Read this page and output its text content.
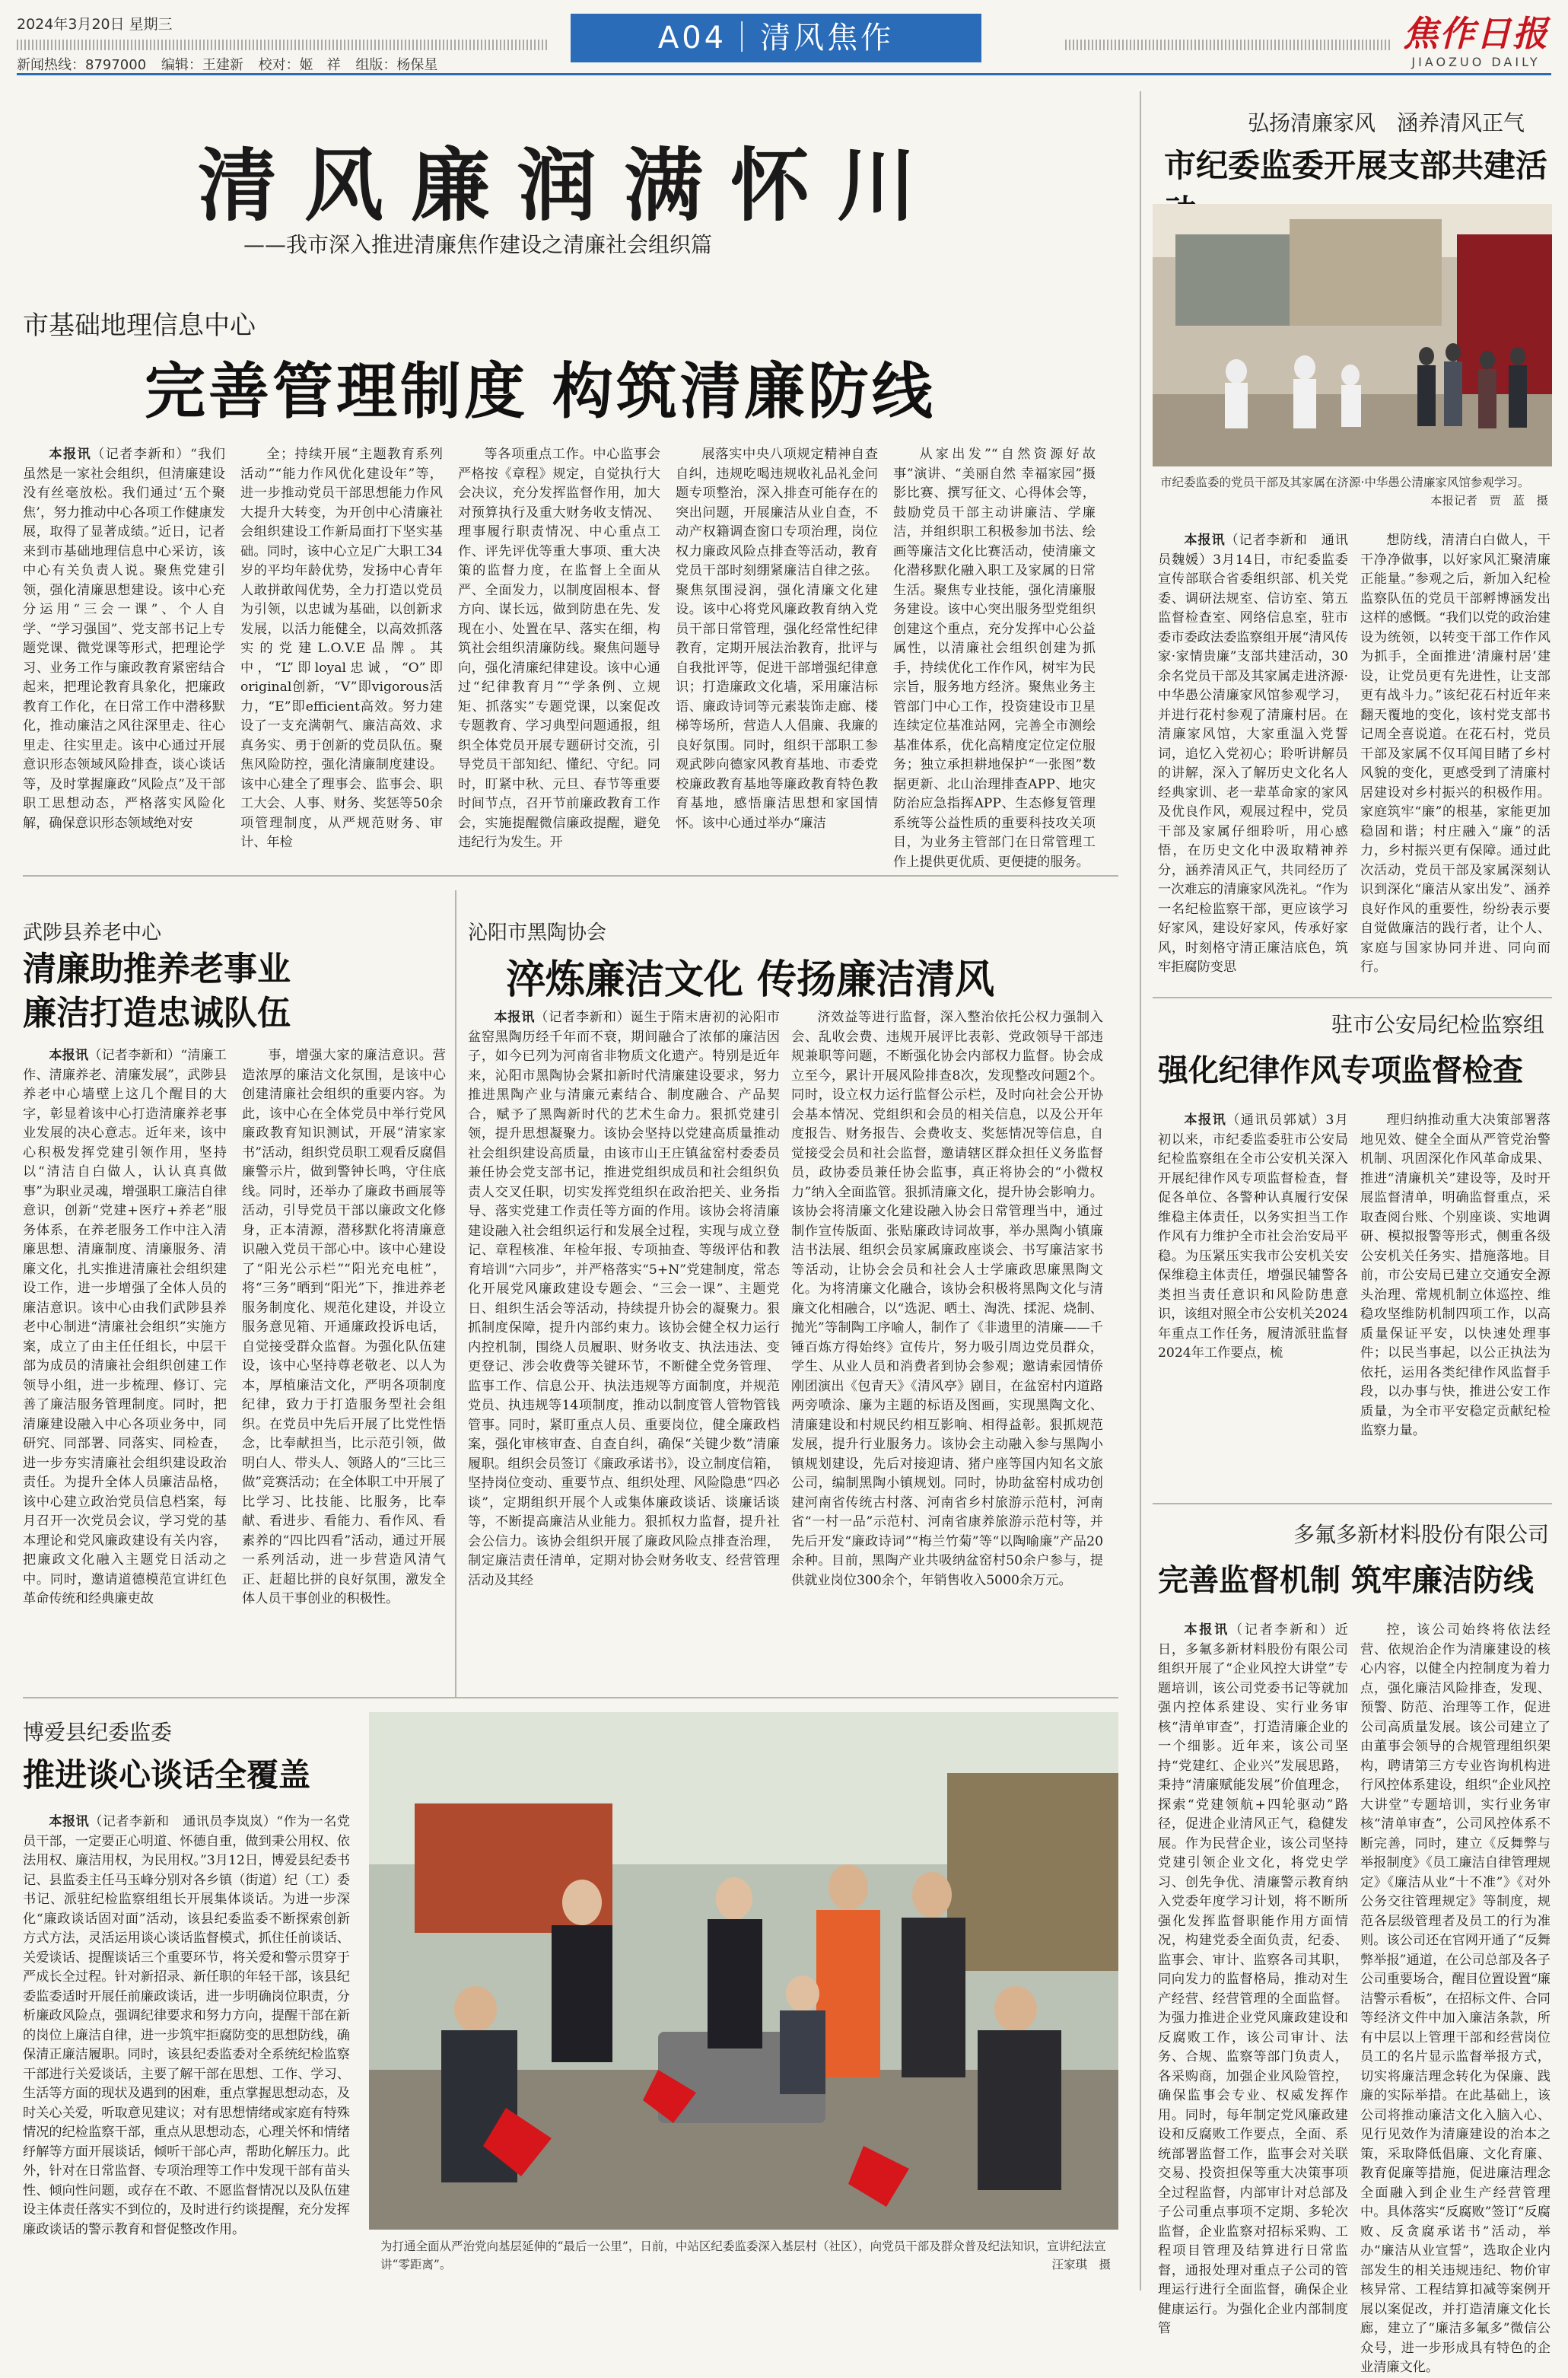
2024年3月20日 星期三
新闻热线：8797000 编辑：王建新 校对：姬　祥 组版：杨保星
A04｜清风焦作	焦作日报
JIAOZUO DAILY
清风廉润满怀川
——我市深入推进清廉焦作建设之清廉社会组织篇
市基础地理信息中心
完善管理制度 构筑清廉防线

本报讯（记者李新和）“我们虽然是一家社会组织，但清廉建设没有丝毫放松。我们通过‘五个聚焦’，努力推动中心各项工作健康发展，取得了显著成绩。”近日，记者来到市基础地理信息中心采访，该中心有关负责人说。聚焦党建引领，强化清廉思想建设。该中心充分运用“三会一课”、个人自学、“学习强国”、党支部书记上专题党课、微党课等形式，把理论学习、业务工作与廉政教育紧密结合起来，把理论教育具象化，把廉政教育工作化，在日常工作中潜移默化，推动廉洁之风往深里走、往心里走、往实里走。该中心通过开展意识形态领域风险排查，谈心谈话等，及时掌握廉政“风险点”及干部职工思想动态，严格落实风险化解，确保意识形态领域绝对安

全；持续开展“主题教育系列活动”“能力作风优化建设年”等，进一步推动党员干部思想能力作风大提升大转变，为开创中心清廉社会组织建设工作新局面打下坚实基础。同时，该中心立足广大职工34岁的平均年龄优势，发扬中心青年人敢拼敢闯优势，全力打造以党员为引领，以忠诚为基础，以创新求发展，以活力能健全，以高效抓落实的党建L.O.V.E品牌。其中，“L”即loyal忠诚，“O”即original创新，“V”即vigorous活力，“E”即efficient高效。努力建设了一支充满朝气、廉洁高效、求真务实、勇于创新的党员队伍。聚焦风险防控，强化清廉制度建设。该中心建全了理事会、监事会、职工大会、人事、财务、奖惩等50余项管理制度，从严规范财务、审计、年检

等各项重点工作。中心监事会严格按《章程》规定，自觉执行大会决议，充分发挥监督作用，加大对预算执行及重大财务收支情况、理事履行职责情况、中心重点工作、评先评优等重大事项、重大决策的监督力度，在监督上全面从严、全面发力，以制度固根本、督方向、谋长远，做到防患在先、发现在小、处置在早、落实在细，构筑社会组织清廉防线。聚焦问题导向，强化清廉纪律建设。该中心通过“纪律教育月”“学条例、立规矩、抓落实”专题党课，以案促改专题教育、学习典型问题通报，组织全体党员开展专题研讨交流，引导党员干部知纪、懂纪、守纪。同时，盯紧中秋、元旦、春节等重要时间节点，召开节前廉政教育工作会，实施提醒微信廉政提醒，避免违纪行为发生。开

展落实中央八项规定精神自查自纠，违规吃喝违规收礼品礼金问题专项整治，深入排查可能存在的突出问题，开展廉洁从业自查，不动产权籍调查窗口专项治理，岗位权力廉政风险点排查等活动，教育党员干部时刻绷紧廉洁自律之弦。聚焦氛围浸润，强化清廉文化建设。该中心将党风廉政教育纳入党员干部日常管理，强化经常性纪律教育，定期开展法治教育，批评与自我批评等，促进干部增强纪律意识；打造廉政文化墙，采用廉洁标语、廉政诗词等元素装饰走廊、楼梯等场所，营造人人倡廉、我廉的良好氛围。同时，组织干部职工参观武陟向德家风教育基地、市委党校廉政教育基地等廉政教育特色教育基地，感悟廉洁思想和家国情怀。该中心通过举办“廉洁

从家出发”“自然资源好故事”演讲、“美丽自然 幸福家园”摄影比赛、撰写征文、心得体会等，鼓励党员干部主动讲廉洁、学廉洁，并组织职工积极参加书法、绘画等廉洁文化比赛活动，使清廉文化潜移默化融入职工及家属的日常生活。聚焦专业技能，强化清廉服务建设。该中心突出服务型党组织创建这个重点，充分发挥中心公益属性，以清廉社会组织创建为抓手，持续优化工作作风，树牢为民宗旨，服务地方经济。聚焦业务主管部门中心工作，投资建设市卫星连续定位基准站网，完善全市测绘基准体系，优化高精度定位定位服务；独立承担耕地保护“一张图”数据更新、北山治理排查APP、地灾防治应急指挥APP、生态修复管理系统等公益性质的重要科技攻关项目，为业务主管部门在日常管理工作上提供更优质、更便捷的服务。

弘扬清廉家风　涵养清风正气
市纪委监委开展支部共建活
市纪委监委的党员干部及其家属在济源·中华愚公清廉家风馆参观学习。
本报记者　贾　蓝　摄

本报讯（记者李新和　通讯员魏媛）3月14日，市纪委监委宣传部联合省委组织部、机关党委、调研法规室、信访室、第五监督检查室、网络信息室，驻市委市委政法委监察组开展“清风传家·家情贵廉”支部共建活动，30余名党员干部及其家属走进济源·中华愚公清廉家风馆参观学习，并进行花村参观了清廉村居。在清廉家风馆，大家重温入党誓词，追忆入党初心；聆听讲解员的讲解，深入了解历史文化名人经典家训、老一辈革命家的家风及优良作风，观展过程中，党员干部及家属仔细聆听，用心感悟，在历史文化中汲取精神养分，涵养清风正气，共同经历了一次难忘的清廉家风洗礼。“作为一名纪检监察干部，更应该学习好家风，建设好家风，传承好家风，时刻格守清正廉洁底色，筑牢拒腐防变思

想防线，清清白白做人，干干净净做事，以好家风汇聚清廉正能量。”参观之后，新加入纪检监察队伍的党员干部孵博涵发出这样的感慨。“我们以党的政治建设为统领，以转变干部工作作风为抓手，全面推进‘清廉村居’建设，让党员更有先进性，让支部更有战斗力。”该纪花石村近年来翻天覆地的变化，该村党支部书记周全喜说道。在花石村，党员干部及家属不仅耳闻目睹了乡村风貌的变化，更感受到了清廉村居建设对乡村振兴的积极作用。家庭筑牢“廉”的根基，家能更加稳固和谐；村庄融入“廉”的活力，乡村振兴更有保障。通过此次活动，党员干部及家属深刻认识到深化“廉洁从家出发”、涵养良好作风的重要性，纷纷表示要自觉做廉洁的践行者，让个人、家庭与国家协同并进、同向而行。

武陟县养老中心
清廉助推养老事业
廉洁打造忠诚队伍

本报讯（记者李新和）“清廉工作、清廉养老、清廉发展”，武陟县养老中心墙壁上这几个醒目的大字，彰显着该中心打造清廉养老事业发展的决心意志。近年来，该中心积极发挥党建引领作用，坚持以“清洁自白做人，认认真真做事”为职业灵魂，增强职工廉洁自律意识，创新“党建+医疗+养老”服务体系，在养老服务工作中注入清廉思想、清廉制度、清廉服务、清廉文化，扎实推进清廉社会组织建设工作，进一步增强了全体人员的廉洁意识。该中心由我们武陟县养老中心制进“清廉社会组织”实施方案，成立了由主任任组长，中层干部为成员的清廉社会组织创建工作领导小组，进一步梳理、修订、完善了廉洁服务管理制度。同时，把清廉建设融入中心各项业务中，同研究、同部署、同落实、同检查，进一步夯实清廉社会组织建设政治责任。为提升全体人员廉洁品格，该中心建立政治党员信息档案，每月召开一次党员会议，学习党的基本理论和党风廉政建设有关内容，把廉政文化融入主题党日活动之中。同时，邀请道德模范宣讲红色革命传统和经典廉吏故

事，增强大家的廉洁意识。营造浓厚的廉洁文化氛围，是该中心创建清廉社会组织的重要内容。为此，该中心在全体党员中举行党风廉政教育知识测试，开展“清家家书”活动，组织党员职工观看反腐倡廉警示片，做到警钟长鸣，守住底线。同时，还举办了廉政书画展等活动，引导党员干部以廉政文化修身，正本清源，潜移默化将清廉意识融入党员干部心中。该中心建设了“阳光公示栏”“阳光充电桩”，将“三务”晒到“阳光”下，推进养老服务制度化、规范化建设，并设立服务意见箱、开通廉政投诉电话，自觉接受群众监督。为强化队伍建设，该中心坚持尊老敬老、以人为本，厚植廉洁文化，严明各项制度纪律，致力于打造服务型社会组织。在党员中先后开展了比党性悟念，比奉献担当，比示范引领，做明白人、带头人、领路人的“三比三做”竞赛活动；在全体职工中开展了比学习、比技能、比服务，比奉献、看进步、看能力、看作风、看素养的“四比四看”活动，通过开展一系列活动，进一步营造风清气正、赶超比拼的良好氛围，激发全体人员干事创业的积极性。

沁阳市黑陶协会
淬炼廉洁文化 传扬廉洁清风

本报讯（记者李新和）诞生于隋末唐初的沁阳市盆窑黑陶历经千年而不衰，期间融合了浓郁的廉洁因子，如今已列为河南省非物质文化遗产。特别是近年来，沁阳市黑陶协会紧扣新时代清廉建设要求，努力推进黑陶产业与清廉元素结合、制度融合、产品契合，赋予了黑陶新时代的艺术生命力。狠抓党建引领，提升思想凝聚力。该协会坚持以党建高质量推动社会组织建设高质量，由该市山王庄镇盆窑村委委员兼任协会党支部书记，推进党组织成员和社会组织负责人交叉任职，切实发挥党组织在政治把关、业务指导、落实党建工作责任等方面的作用。该协会将清廉建设融入社会组织运行和发展全过程，实现与成立登记、章程核准、年检年报、专项抽查、等级评估和教育培训“六同步”，并严格落实“5+N”党建制度，常态化开展党风廉政建设专题会、“三会一课”、主题党日、组织生活会等活动，持续提升协会的凝聚力。狠抓制度保障，提升内部约束力。该协会健全权力运行内控机制，围绕人员履职、财务收支、执法违法、变更登记、涉会收费等关键环节，不断健全党务管理、监事工作、信息公开、执法违规等方面制度，并规范党员、执违规等14项制度，推动以制度管人管物管钱管事。同时，紧盯重点人员、重要岗位，健全廉政档案，强化审核审查、自查自纠，确保“关键少数”清廉履职。组织会员签订《廉政承诺书》，设立制度信箱，坚持岗位变动、重要节点、组织处理、风险隐患“四必谈”，定期组织开展个人或集体廉政谈话、谈廉话谈等，不断提高廉洁从业能力。狠抓权力监督，提升社会公信力。该协会组织开展了廉政风险点排查治理，制定廉洁责任清单，定期对协会财务收支、经营管理活动及其经

济效益等进行监督，深入整治依托公权力强制入会、乱收会费、违规开展评比表彰、党政领导干部违规兼职等问题，不断强化协会内部权力监督。协会成立至今，累计开展风险排查8次，发现整改问题2个。同时，设立权力运行监督公示栏，及时向社会公开协会基本情况、党组织和会员的相关信息，以及公开年度报告、财务报告、会费收支、奖惩情况等信息，自觉接受会员和社会监督，邀请辖区群众担任义务监督员，政协委员兼任协会监事，真正将协会的“小微权力”纳入全面监管。狠抓清廉文化，提升协会影响力。该协会将清廉文化建设融入协会日常管理当中，通过制作宣传版面、张贴廉政诗词故事，举办黑陶小镇廉洁书法展、组织会员家属廉政座谈会、书写廉洁家书等活动，让协会会员和社会人士学廉政思廉黑陶文化。为将清廉文化融合，该协会积极将黑陶文化与清廉文化相融合，以“选泥、晒土、淘洗、揉泥、烧制、抛光”等制陶工序喻人，制作了《非遗里的清廉——千锤百炼方得始终》宣传片，努力吸引周边党员群众，学生、从业人员和消费者到协会参观；邀请索园情侨刚团演出《包青天》《清风亭》剧目，在盆窑村内道路两旁喷涂、廉为主题的标语及图画，实现黑陶文化、清廉建设和村规民约相互影响、相得益彰。狠抓规范发展，提升行业服务力。该协会主动融入参与黑陶小镇规划建设，先后对接迎请、猪户座等国内知名文旅公司，编制黑陶小镇规划。同时，协助盆窑村成功创建河南省传统古村落、河南省乡村旅游示范村，河南省“一村一品”示范村、河南省康养旅游示范村等，并先后开发“廉政诗词”“梅兰竹菊”等“以陶喻廉”产品20余种。目前，黑陶产业共吸纳盆窑村50余户参与，提供就业岗位300余个，年销售收入5000余万元。

驻市公安局纪检监察组
强化纪律作风专项监督检查

本报讯（通讯员郭斌）3月初以来，市纪委监委驻市公安局纪检监察组在全市公安机关深入开展纪律作风专项监督检查，督促各单位、各警种认真履行安保维稳主体责任，以务实担当工作作风有力维护全市社会治安局平稳。为压紧压实我市公安机关安保维稳主体责任，增强民辅警各类担当责任意识和风险防患意识，该组对照全市公安机关2024年重点工作任务，履清派驻监督2024年工作要点，梳

理归纳推动重大决策部署落地见效、健全全面从严管党治警机制、巩固深化作风革命成果、推进“清廉机关”建设等，及时开展监督清单，明确监督重点，采取查阅台账、个别座谈、实地调研、模拟报警等形式，侧重各级公安机关任务实、措施落地。目前，市公安局已建立交通安全源头治理、常规机制立体巡控、维稳攻坚维防机制四项工作，以高质量保证平安，以快速处理事件；以民当事起，以公正执法为依托，运用各类纪律作风监督手段，以办事与快，推进公安工作质量，为全市平安稳定贡献纪检监察力量。

多氟多新材料股份有限公司
完善监督机制 筑牢廉洁防线

本报讯（记者李新和）近日，多氟多新材料股份有限公司组织开展了“企业风控大讲堂”专题培训，该公司党委书记等就加强内控体系建设、实行业务审核“清单审查”，打造清廉企业的一个细影。近年来，该公司坚持“党建红、企业兴”发展思路，秉持“清廉赋能发展”价值理念，探索“党建领航+四轮驱动”路径，促进企业清风正气，稳健发展。作为民营企业，该公司坚持党建引领企业文化，将党史学习、创先争优、清廉警示教育纳入党委年度学习计划，将不断所强化发挥监督职能作用方面情况，构建党委全面负责，纪委、监事会、审计、监察各司其职，同向发力的监督格局，推动对生产经营、经营管理的全面监督。为强力推进企业党风廉政建设和反腐败工作，该公司审计、法务、合规、监察等部门负责人，各采购商，加强企业风险管控，确保监事会专业、权威发挥作用。同时，每年制定党风廉政建设和反腐败工作要点，全面、系统部署监督工作，监事会对关联交易、投资担保等重大决策事项全过程监督，内部审计对总部及子公司重点事项不定期、多轮次监督，企业监察对招标采购、工程项目管理及结算进行日常监督，通报处理对重点子公司的管理运行进行全面监督，确保企业健康运行。为强化企业内部制度管

控，该公司始终将依法经营、依规治企作为清廉建设的核心内容，以健全内控制度为着力点，强化廉洁风险排查，发现、预警、防范、治理等工作，促进公司高质量发展。该公司建立了由董事会领导的合规管理组织架构，聘请第三方专业咨询机构进行风控体系建设，组织“企业风控大讲堂”专题培训，实行业务审核“清单审查”，公司风控体系不断完善，同时，建立《反舞弊与举报制度》《员工廉洁自律管理规定》《廉洁从业“十不准”》《对外公务交往管理规定》等制度，规范各层级管理者及员工的行为准则。该公司还在官网开通了“反舞弊举报”通道，在公司总部及各子公司重要场合，醒目位置设置“廉洁警示看板”，在招标文件、合同等经济文件中加入廉洁条款，所有中层以上管理干部和经营岗位员工的名片显示监督举报方式，切实将廉洁理念转化为保廉、践廉的实际举措。在此基础上，该公司将推动廉洁文化入脑入心、见行见效作为清廉建设的治本之策，采取降低倡廉、文化育廉、教育促廉等措施，促进廉洁理念全面融入到企业生产经营管理中。具体落实“反腐败”签订“反腐败、反贪腐承诺书”活动，举办“廉洁从业宣誓”，选取企业内部发生的相关违规违纪、物价审核异常、工程结算扣减等案例开展以案促改，并打造清廉文化长廊，建立了“廉洁多氟多”微信公众号，进一步形成具有特色的企业清廉文化。

博爱县纪委监委
推进谈心谈话全覆盖

本报讯（记者李新和　通讯员李岚岚）“作为一名党员干部，一定要正心明道、怀德自重，做到秉公用权、依法用权、廉洁用权，为民用权。”3月12日，博爱县纪委书记、县监委主任马玉峰分别对各乡镇（街道）纪（工）委书记、派驻纪检监察组组长开展集体谈话。为进一步深化“廉政谈话固对面”活动，该县纪委监委不断探索创新方式方法，灵活运用谈心谈话监督模式，抓住任前谈话、关爱谈话、提醒谈话三个重要环节，将关爱和警示贯穿于严成长全过程。针对新招录、新任职的年轻干部，该县纪委监委适时开展任前廉政谈话，进一步明确岗位职责，分析廉政风险点，强调纪律要求和努力方向，提醒干部在新的岗位上廉洁自律，进一步筑牢拒腐防变的思想防线，确保清正廉洁履职。同时，该县纪委监委对全系统纪检监察干部进行关爱谈话，主要了解干部在思想、工作、学习、生活等方面的现状及遇到的困难，重点掌握思想动态，及时关心关爱，听取意见建议；对有思想情绪或家庭有特殊情况的纪检监察干部，重点从思想动态，心理关怀和情绪纾解等方面开展谈话，倾听干部心声，帮助化解压力。此外，针对在日常监督、专项治理等工作中发现干部有苗头性、倾向性问题，或存在不敢、不愿监督情况以及队伍建设主体责任落实不到位的，及时进行约谈提醒，充分发挥廉政谈话的警示教育和督促整改作用。

为打通全面从严治党向基层延伸的“最后一公里”，日前，中站区纪委监委深入基层村（社区），向党员干部及群众普及纪法知识，宣讲纪法宣讲“零距离”。	汪家琪　摄
